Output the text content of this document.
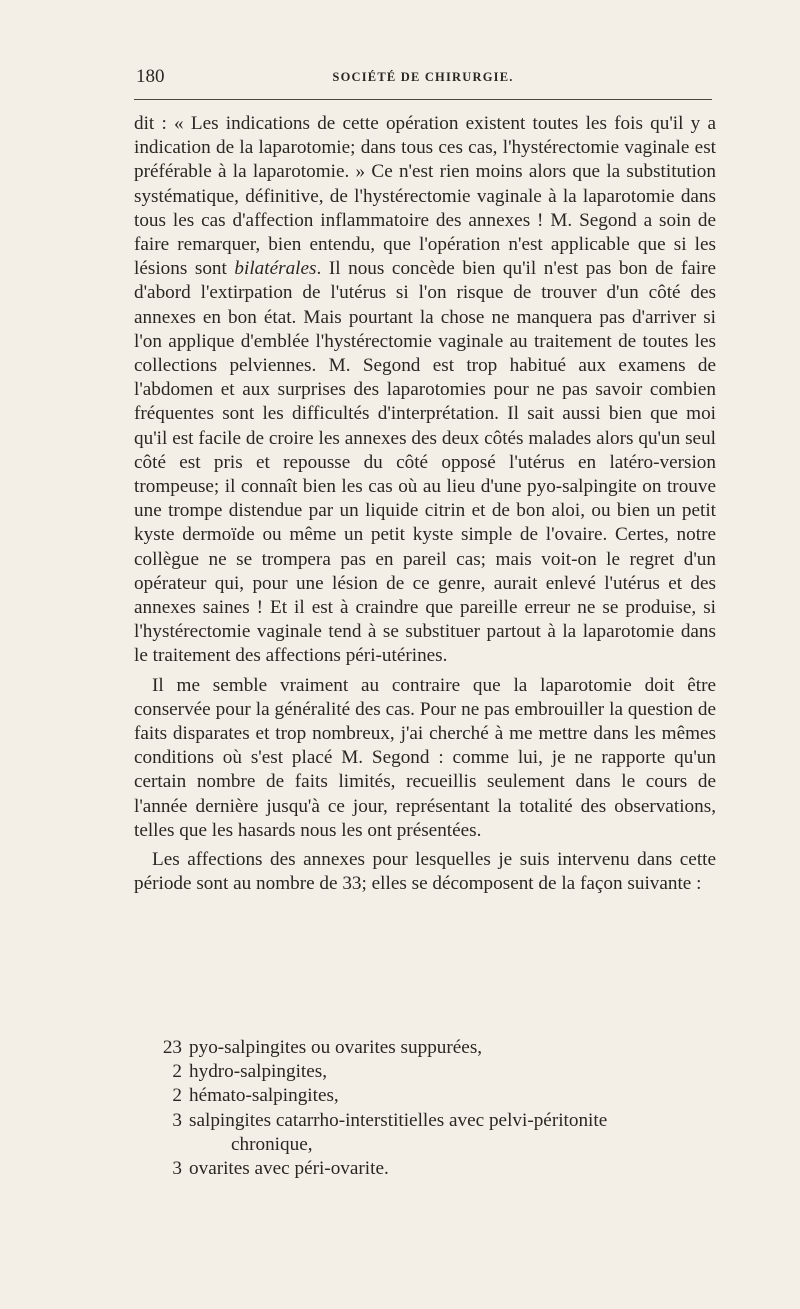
180	SOCIÉTÉ DE CHIRURGIE.

dit : « Les indications de cette opération existent toutes les fois qu'il y a indication de la laparotomie; dans tous ces cas, l'hystérectomie vaginale est préférable à la laparotomie. » Ce n'est rien moins alors que la substitution systématique, définitive, de l'hystérectomie vaginale à la laparotomie dans tous les cas d'affection inflammatoire des annexes ! M. Segond a soin de faire remarquer, bien entendu, que l'opération n'est applicable que si les lésions sont bilatérales. Il nous concède bien qu'il n'est pas bon de faire d'abord l'extirpation de l'utérus si l'on risque de trouver d'un côté des annexes en bon état. Mais pourtant la chose ne manquera pas d'arriver si l'on applique d'emblée l'hystérectomie vaginale au traitement de toutes les collections pelviennes. M. Segond est trop habitué aux examens de l'abdomen et aux surprises des laparotomies pour ne pas savoir combien fréquentes sont les difficultés d'interprétation. Il sait aussi bien que moi qu'il est facile de croire les annexes des deux côtés malades alors qu'un seul côté est pris et repousse du côté opposé l'utérus en latéro-version trompeuse; il connaît bien les cas où au lieu d'une pyo-salpingite on trouve une trompe distendue par un liquide citrin et de bon aloi, ou bien un petit kyste dermoïde ou même un petit kyste simple de l'ovaire. Certes, notre collègue ne se trompera pas en pareil cas; mais voit-on le regret d'un opérateur qui, pour une lésion de ce genre, aurait enlevé l'utérus et des annexes saines ! Et il est à craindre que pareille erreur ne se produise, si l'hystérectomie vaginale tend à se substituer partout à la laparotomie dans le traitement des affections péri-utérines.

Il me semble vraiment au contraire que la laparotomie doit être conservée pour la généralité des cas. Pour ne pas embrouiller la question de faits disparates et trop nombreux, j'ai cherché à me mettre dans les mêmes conditions où s'est placé M. Segond : comme lui, je ne rapporte qu'un certain nombre de faits limités, recueillis seulement dans le cours de l'année dernière jusqu'à ce jour, représentant la totalité des observations, telles que les hasards nous les ont présentées.

Les affections des annexes pour lesquelles je suis intervenu dans cette période sont au nombre de 33; elles se décomposent de la façon suivante :

23 pyo-salpingites ou ovarites suppurées,
2 hydro-salpingites,
2 hémato-salpingites,
3 salpingites catarrho-interstitielles avec pelvi-péritonite
chronique,
3 ovarites avec péri-ovarite.
